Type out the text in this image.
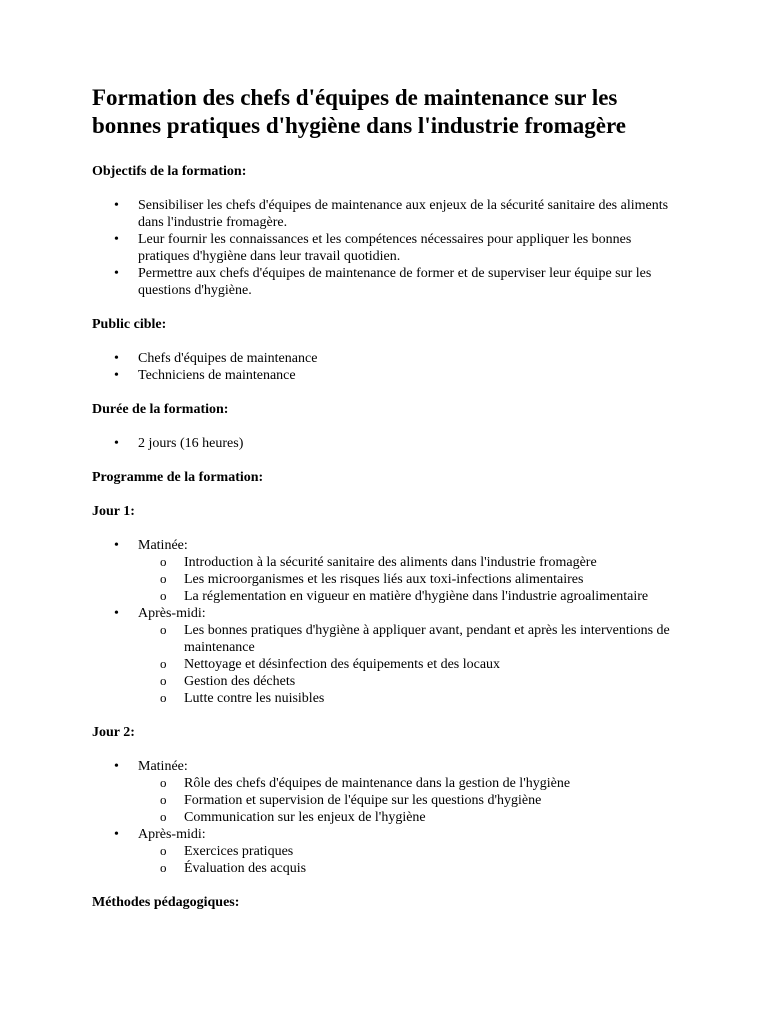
Formation des chefs d'équipes de maintenance sur les bonnes pratiques d'hygiène dans l'industrie fromagère

Objectifs de la formation:

• Sensibiliser les chefs d'équipes de maintenance aux enjeux de la sécurité sanitaire des aliments dans l'industrie fromagère.
• Leur fournir les connaissances et les compétences nécessaires pour appliquer les bonnes pratiques d'hygiène dans leur travail quotidien.
• Permettre aux chefs d'équipes de maintenance de former et de superviser leur équipe sur les questions d'hygiène.

Public cible:

• Chefs d'équipes de maintenance
• Techniciens de maintenance

Durée de la formation:

• 2 jours (16 heures)

Programme de la formation:

Jour 1:

• Matinée:
o Introduction à la sécurité sanitaire des aliments dans l'industrie fromagère
o Les microorganismes et les risques liés aux toxi-infections alimentaires
o La réglementation en vigueur en matière d'hygiène dans l'industrie agroalimentaire
• Après-midi:
o Les bonnes pratiques d'hygiène à appliquer avant, pendant et après les interventions de maintenance
o Nettoyage et désinfection des équipements et des locaux
o Gestion des déchets
o Lutte contre les nuisibles

Jour 2:

• Matinée:
o Rôle des chefs d'équipes de maintenance dans la gestion de l'hygiène
o Formation et supervision de l'équipe sur les questions d'hygiène
o Communication sur les enjeux de l'hygiène
• Après-midi:
o Exercices pratiques
o Évaluation des acquis

Méthodes pédagogiques:
